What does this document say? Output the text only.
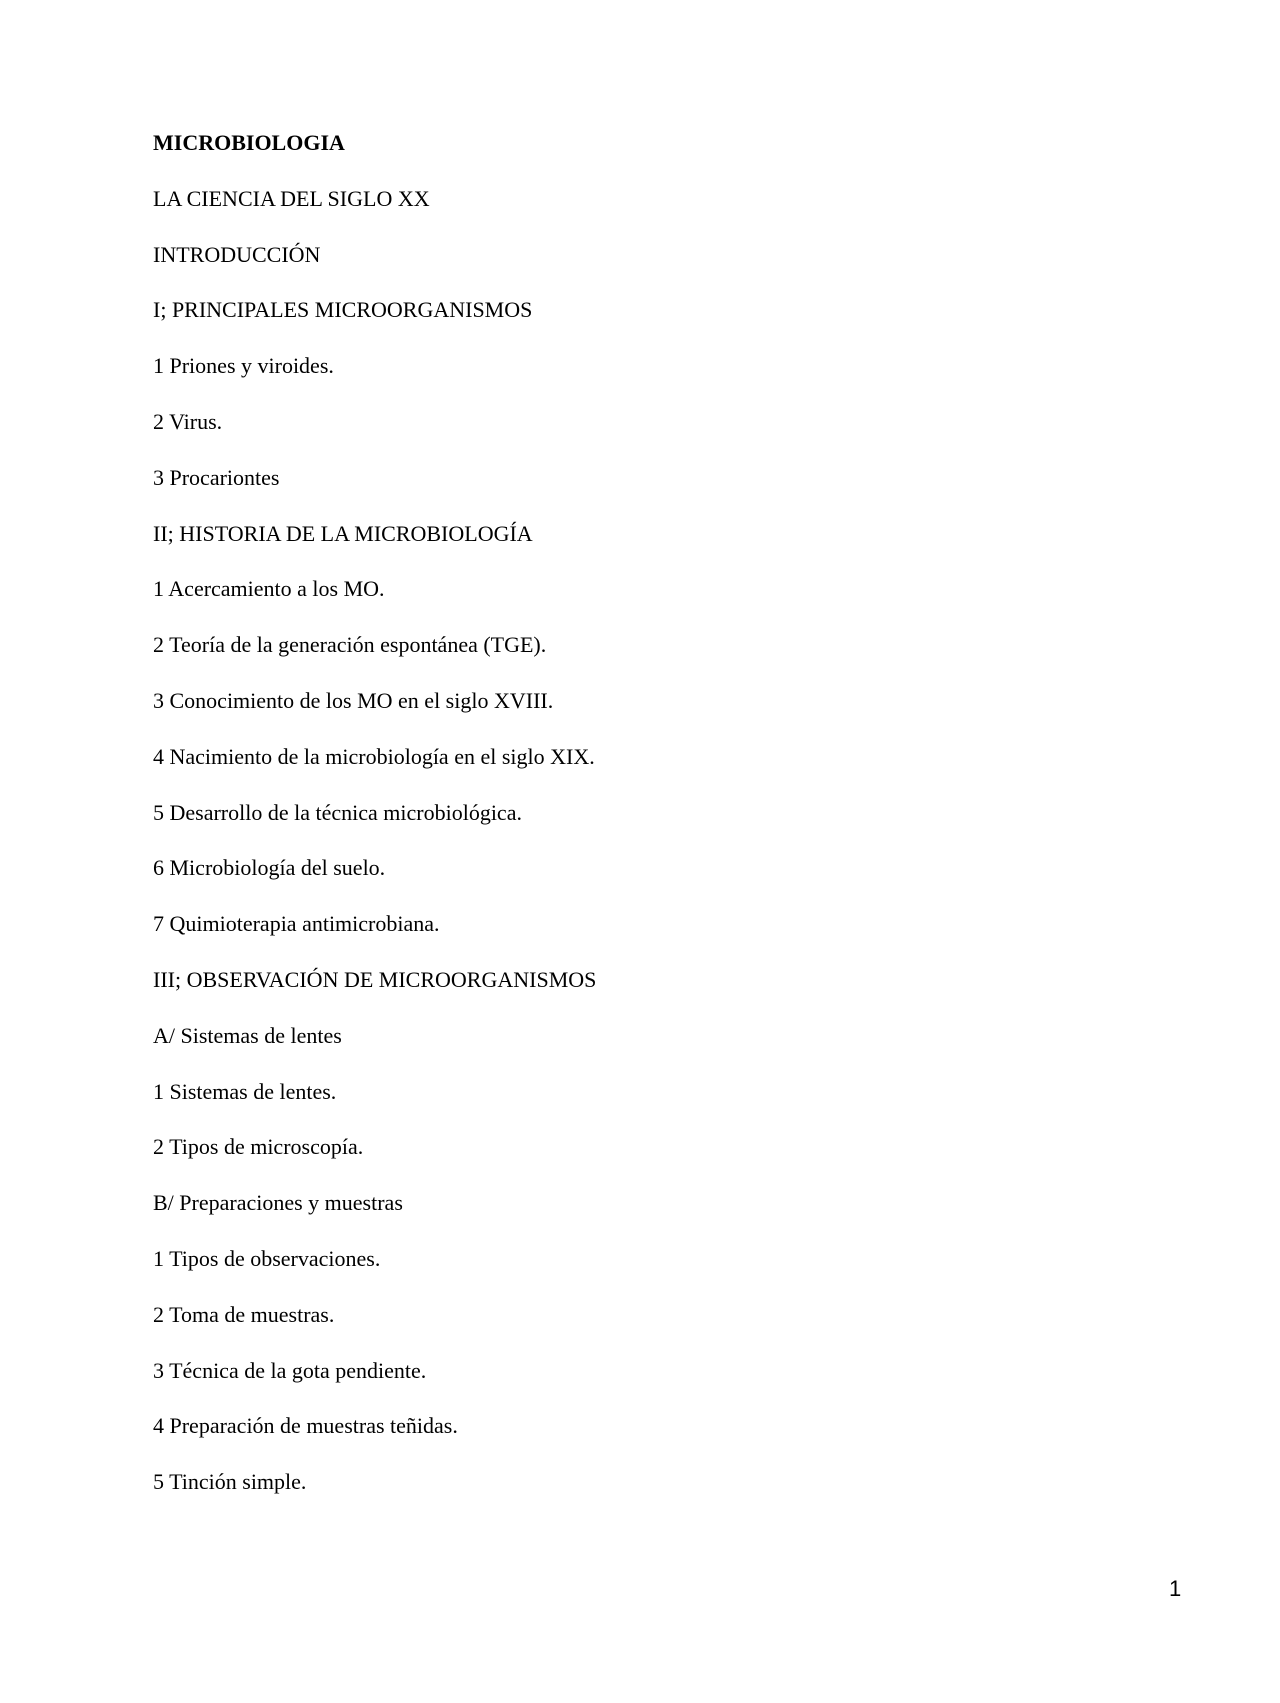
MICROBIOLOGIA
LA CIENCIA DEL SIGLO XX
INTRODUCCIÓN
I; PRINCIPALES MICROORGANISMOS
1 Priones y viroides.
2 Virus.
3 Procariontes
II; HISTORIA DE LA MICROBIOLOGÍA
1 Acercamiento a los MO.
2 Teoría de la generación espontánea (TGE).
3 Conocimiento de los MO en el siglo XVIII.
4 Nacimiento de la microbiología en el siglo XIX.
5 Desarrollo de la técnica microbiológica.
6 Microbiología del suelo.
7 Quimioterapia antimicrobiana.
III; OBSERVACIÓN DE MICROORGANISMOS
A/ Sistemas de lentes
1 Sistemas de lentes.
2 Tipos de microscopía.
B/ Preparaciones y muestras
1 Tipos de observaciones.
2 Toma de muestras.
3 Técnica de la gota pendiente.
4 Preparación de muestras teñidas.
5 Tinción simple.
1
